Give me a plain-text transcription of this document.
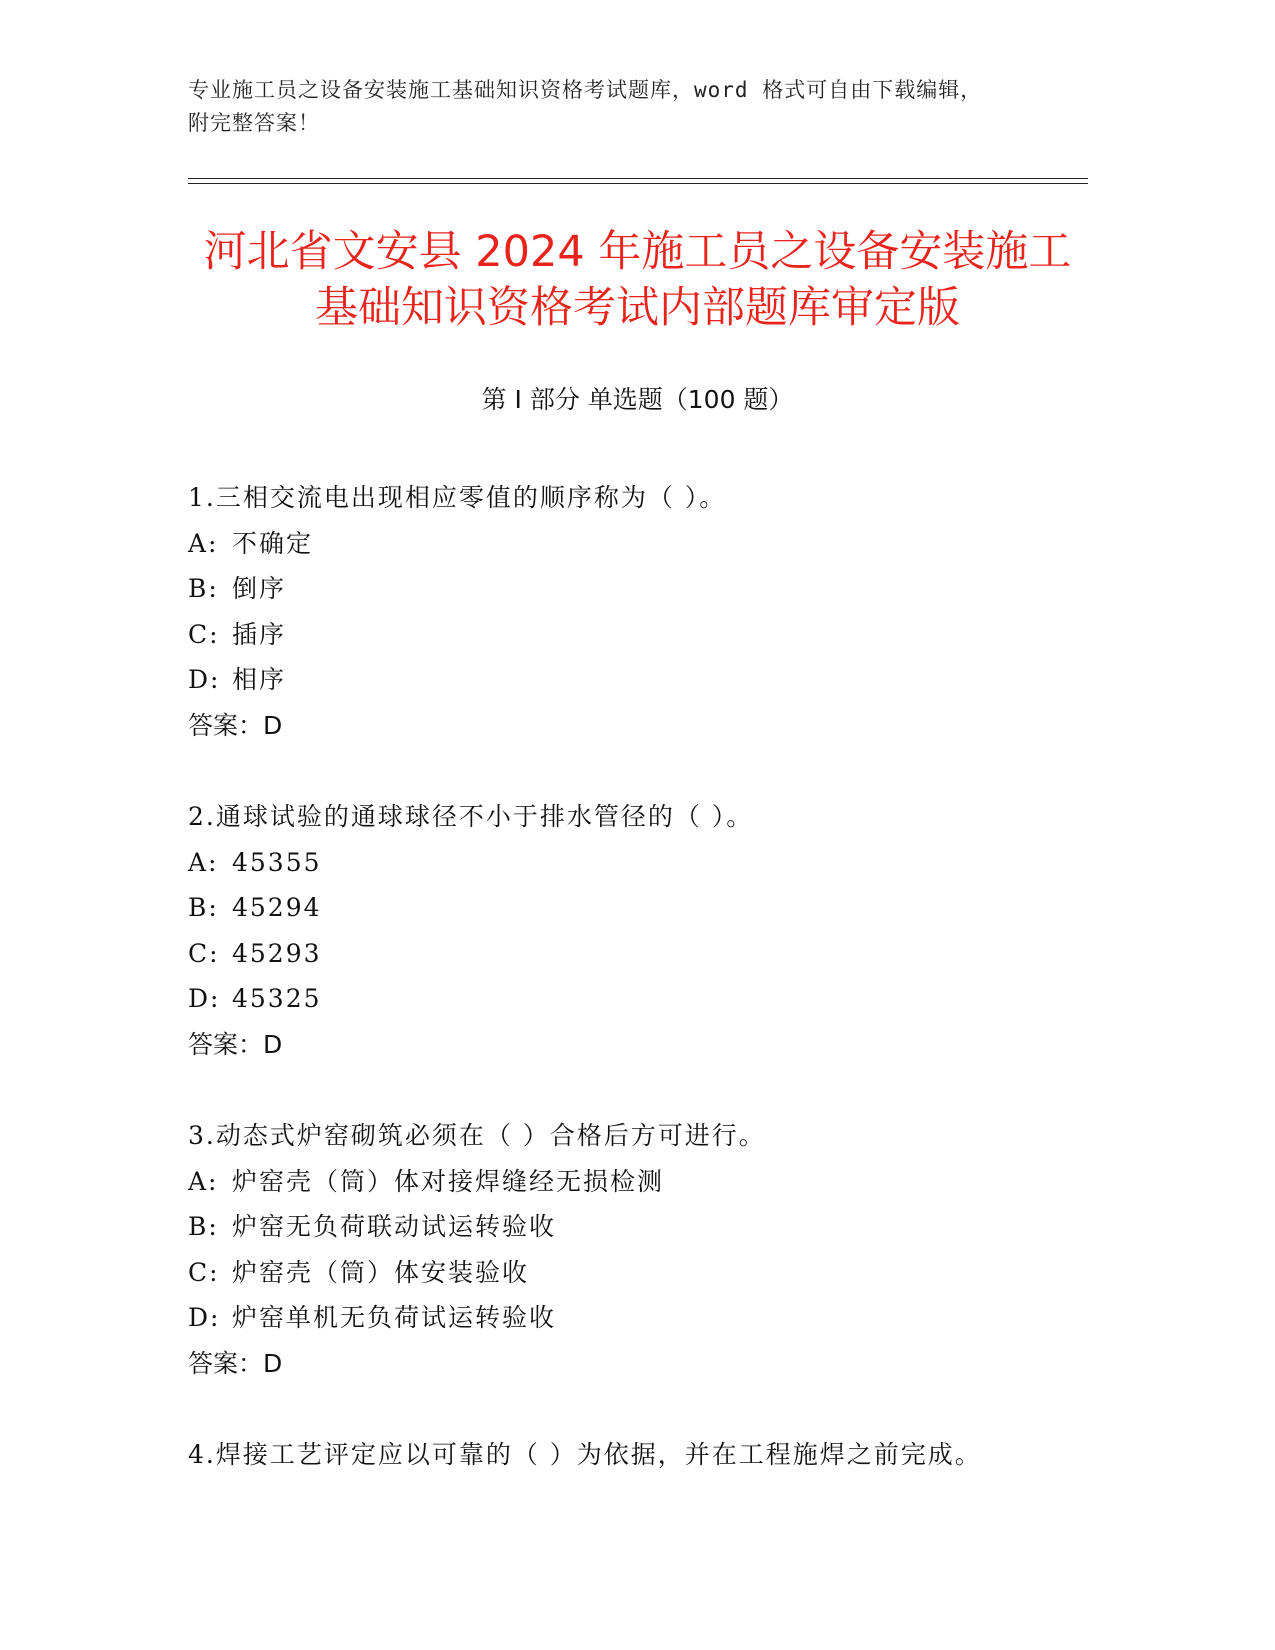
专业施工员之设备安装施工基础知识资格考试题库，word 格式可自由下载编辑，
附完整答案！
河北省文安县 2024 年施工员之设备安装施工
基础知识资格考试内部题库审定版
第 I 部分 单选题（100 题）
1.三相交流电出现相应零值的顺序称为（ ）。
A: 不确定
B: 倒序
C: 插序
D: 相序
答案：D
2.通球试验的通球球径不小于排水管径的（ ）。
A: 45355
B: 45294
C: 45293
D: 45325
答案：D
3.动态式炉窑砌筑必须在（ ）合格后方可进行。
A: 炉窑壳（筒）体对接焊缝经无损检测
B: 炉窑无负荷联动试运转验收
C: 炉窑壳（筒）体安装验收
D: 炉窑单机无负荷试运转验收
答案：D
4.焊接工艺评定应以可靠的（ ）为依据，并在工程施焊之前完成。
